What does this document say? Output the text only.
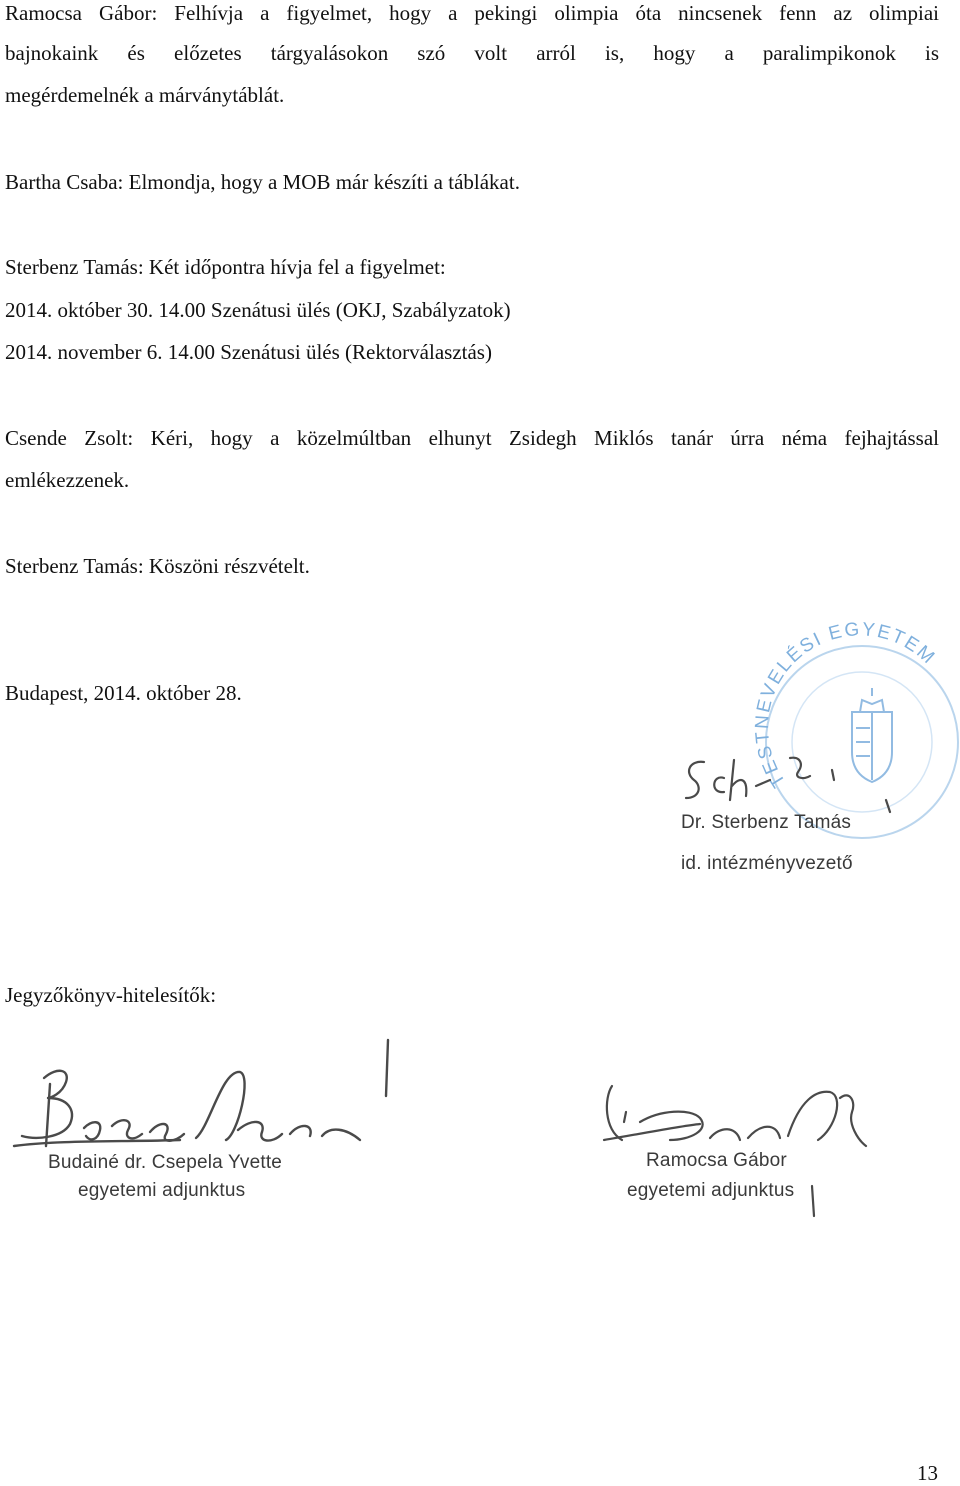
Ramocsa Gábor: Felhívja a figyelmet, hogy a pekingi olimpia óta nincsenek fenn az olimpiai
bajnokaink és előzetes tárgyalásokon szó volt arról is, hogy a paralimpikonok is
megérdemelnék a márványtáblát.
Bartha Csaba: Elmondja, hogy a MOB már készíti a táblákat.
Sterbenz Tamás: Két időpontra hívja fel a figyelmet:
2014. október 30. 14.00 Szenátusi ülés (OKJ, Szabályzatok)
2014. november 6. 14.00 Szenátusi ülés (Rektorválasztás)
Csende Zsolt: Kéri, hogy a közelmúltban elhunyt Zsidegh Miklós tanár úrra néma fejhajtással
emlékezzenek.
Sterbenz Tamás: Köszöni részvételt.
Budapest, 2014. október 28.
TESTNEVELÉSI EGYETEM
Dr. Sterbenz Tamás
id. intézményvezető
Jegyzőkönyv-hitelesítők:
Budainé dr. Csepela Yvette
egyetemi adjunktus
Ramocsa Gábor
egyetemi adjunktus
13
